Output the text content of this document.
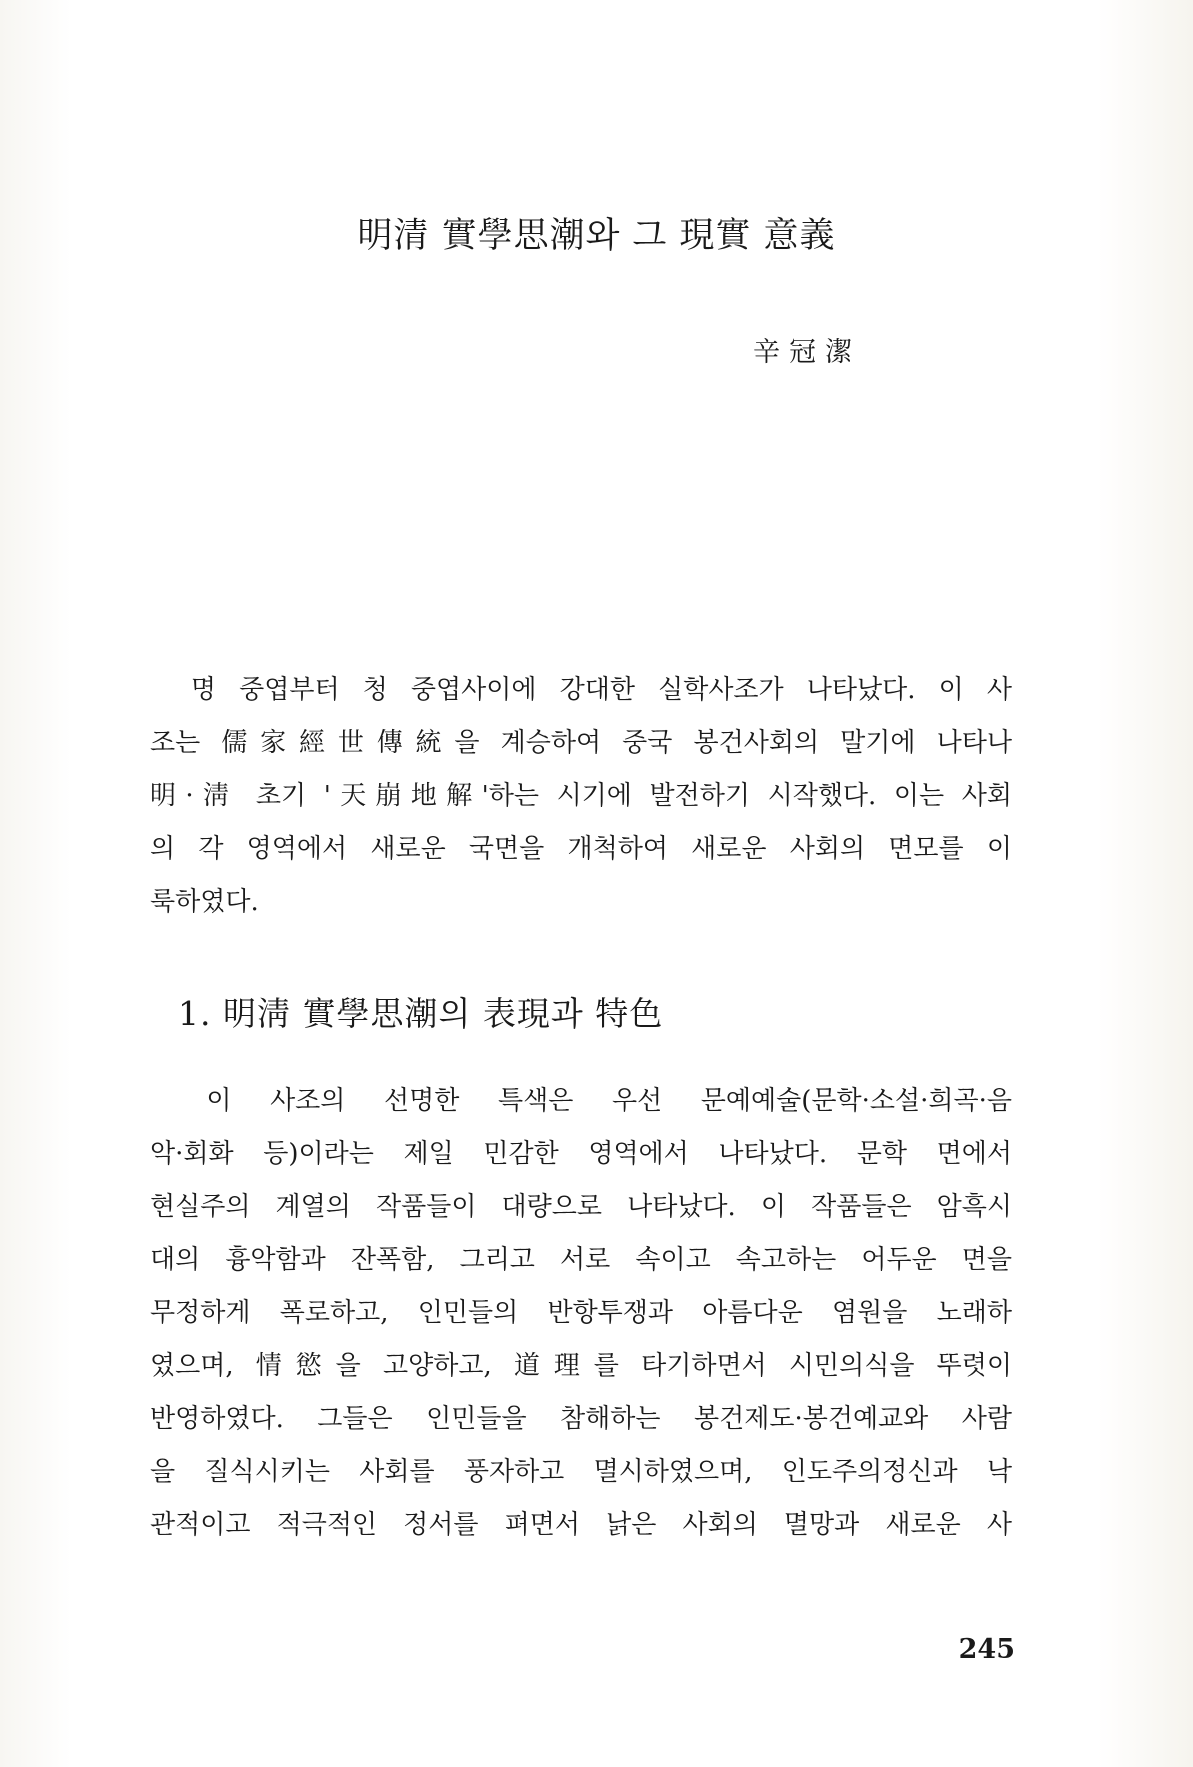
明清 實學思潮와 그 現實 意義

辛冠潔

　명 중엽부터 청 중엽사이에 강대한 실학사조가 나타났다. 이 사
조는 儒家經世傳統을 계승하여 중국 봉건사회의 말기에 나타나
明·淸 초기 '天崩地解'하는 시기에 발전하기 시작했다. 이는 사회
의 각 영역에서 새로운 국면을 개척하여 새로운 사회의 면모를 이
룩하였다.
1. 明淸 實學思潮의 表現과 特色
　이 사조의 선명한 특색은 우선 문예예술(문학·소설·희곡·음
악·회화 등)이라는 제일 민감한 영역에서 나타났다. 문학 면에서
현실주의 계열의 작품들이 대량으로 나타났다. 이 작품들은 암흑시
대의 흉악함과 잔폭함, 그리고 서로 속이고 속고하는 어두운 면을
무정하게 폭로하고, 인민들의 반항투쟁과 아름다운 염원을 노래하
였으며, 情慾을 고양하고, 道理를 타기하면서 시민의식을 뚜렷이
반영하였다. 그들은 인민들을 참해하는 봉건제도·봉건예교와 사람
을 질식시키는 사회를 풍자하고 멸시하였으며, 인도주의정신과 낙
관적이고 적극적인 정서를 펴면서 낡은 사회의 멸망과 새로운 사

245
